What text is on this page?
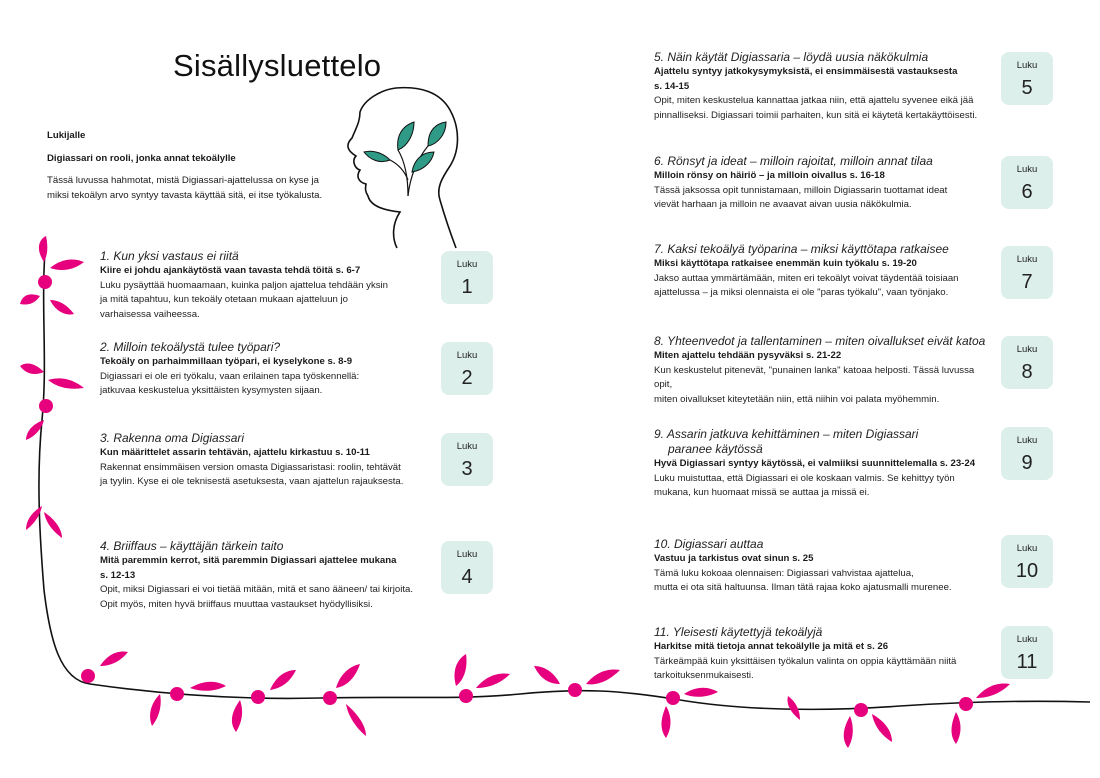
Sisällysluettelo
Lukijalle
Digiassari on rooli, jonka annat tekoälylle
Tässä luvussa hahmotat, mistä Digiassari-ajattelussa on kyse ja
miksi tekoälyn arvo syntyy tavasta käyttää sitä, ei itse työkalusta.
1. Kun yksi vastaus ei riitä
Kiire ei johdu ajankäytöstä vaan tavasta tehdä töitä s. 6-7
Luku pysäyttää huomaamaan, kuinka paljon ajattelua tehdään yksin
ja mitä tapahtuu, kun tekoäly otetaan mukaan ajatteluun jo
varhaisessa vaiheessa.
Luku
1
2. Milloin tekoälystä tulee työpari?
Tekoäly on parhaimmillaan työpari, ei kyselykone s. 8-9
Digiassari ei ole eri työkalu, vaan erilainen tapa työskennellä:
jatkuvaa keskustelua yksittäisten kysymysten sijaan.
Luku
2
3. Rakenna oma Digiassari
Kun määrittelet assarin tehtävän, ajattelu kirkastuu s. 10-11
Rakennat ensimmäisen version omasta Digiassaristasi: roolin, tehtävät
ja tyylin. Kyse ei ole teknisestä asetuksesta, vaan ajattelun rajauksesta.
Luku
3
4. Briiffaus – käyttäjän tärkein taito
Mitä paremmin kerrot, sitä paremmin Digiassari ajattelee mukana
s. 12-13
Opit, miksi Digiassari ei voi tietää mitään, mitä et sano ääneen/ tai kirjoita.
Opit myös, miten hyvä briiffaus muuttaa vastaukset hyödyllisiksi.
Luku
4
5. Näin käytät Digiassaria – löydä uusia näkökulmia
Ajattelu syntyy jatkokysymyksistä, ei ensimmäisestä vastauksesta
s. 14-15
Opit, miten keskustelua kannattaa jatkaa niin, että ajattelu syvenee eikä jää
pinnalliseksi. Digiassari toimii parhaiten, kun sitä ei käytetä kertakäyttöisesti.
Luku
5
6. Rönsyt ja ideat – milloin rajoitat, milloin annat tilaa
Milloin rönsy on häiriö – ja milloin oivallus s. 16-18
Tässä jaksossa opit tunnistamaan, milloin Digiassarin tuottamat ideat
vievät harhaan ja milloin ne avaavat aivan uusia näkökulmia.
Luku
6
7. Kaksi tekoälyä työparina – miksi käyttötapa ratkaisee
Miksi käyttötapa ratkaisee enemmän kuin työkalu s. 19-20
Jakso auttaa ymmärtämään, miten eri tekoälyt voivat täydentää toisiaan
ajattelussa – ja miksi olennaista ei ole "paras työkalu", vaan työnjako.
Luku
7
8. Yhteenvedot ja tallentaminen – miten oivallukset eivät katoa
Miten ajattelu tehdään pysyväksi s. 21-22
Kun keskustelut pitenevät, "punainen lanka" katoaa helposti. Tässä luvussa opit,
miten oivallukset kiteytetään niin, että niihin voi palata myöhemmin.
Luku
8
9. Assarin jatkuva kehittäminen – miten Digiassari
paranee käytössä
Hyvä Digiassari syntyy käytössä, ei valmiiksi suunnittelemalla s. 23-24
Luku muistuttaa, että Digiassari ei ole koskaan valmis. Se kehittyy työn
mukana, kun huomaat missä se auttaa ja missä ei.
Luku
9
10. Digiassari auttaa
Vastuu ja tarkistus ovat sinun s. 25
Tämä luku kokoaa olennaisen: Digiassari vahvistaa ajattelua,
mutta ei ota sitä haltuunsa. Ilman tätä rajaa koko ajatusmalli murenee.
Luku
10
11. Yleisesti käytettyjä tekoälyjä
Harkitse mitä tietoja annat tekoälylle ja mitä et s. 26
Tärkeämpää kuin yksittäisen työkalun valinta on oppia käyttämään niitä
tarkoituksenmukaisesti.
Luku
11
